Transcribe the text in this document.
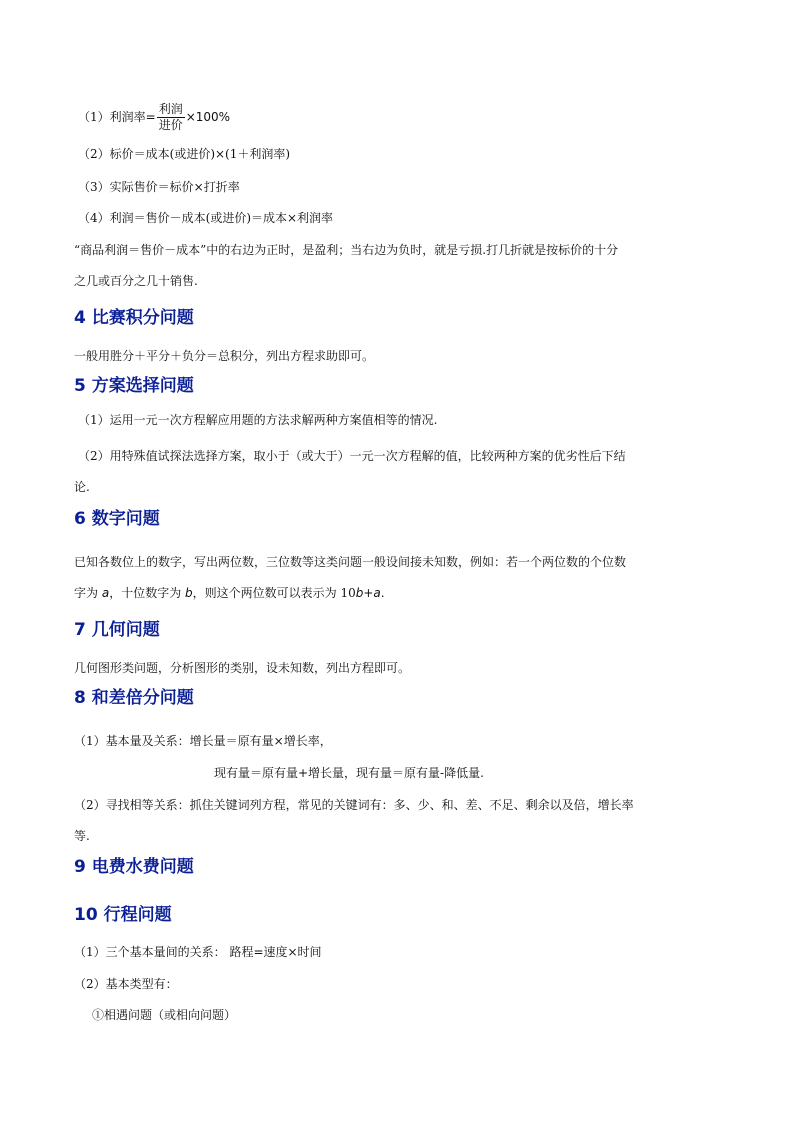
（1）利润率= $\frac{\text{利润}}{\text{进价}} \times 100\%$
（2）标价＝成本(或进价)×(1＋利润率)
（3）实际售价＝标价×打折率
（4）利润＝售价－成本(或进价)＝成本×利润率
“商品利润＝售价－成本”中的右边为正时，是盈利；当右边为负时，就是亏损.打几折就是按标价的十分
之几或百分之几十销售.
4 比赛积分问题
一般用胜分＋平分＋负分＝总积分，列出方程求助即可。
5 方案选择问题
（1）运用一元一次方程解应用题的方法求解两种方案值相等的情况.
（2）用特殊值试探法选择方案，取小于（或大于）一元一次方程解的值，比较两种方案的优劣性后下结
论.
6 数字问题
已知各数位上的数字，写出两位数，三位数等这类问题一般设间接未知数，例如：若一个两位数的个位数
字为 a，十位数字为 b，则这个两位数可以表示为 10b+a.
7 几何问题
几何图形类问题，分析图形的类别，设未知数，列出方程即可。
8 和差倍分问题
（1）基本量及关系：增长量＝原有量×增长率，
现有量＝原有量+增长量，现有量＝原有量-降低量.
（2）寻找相等关系：抓住关键词列方程，常见的关键词有：多、少、和、差、不足、剩余以及倍，增长率
等.
9 电费水费问题
10 行程问题
（1）三个基本量间的关系： 路程=速度×时间
（2）基本类型有：
①相遇问题（或相向问题）
